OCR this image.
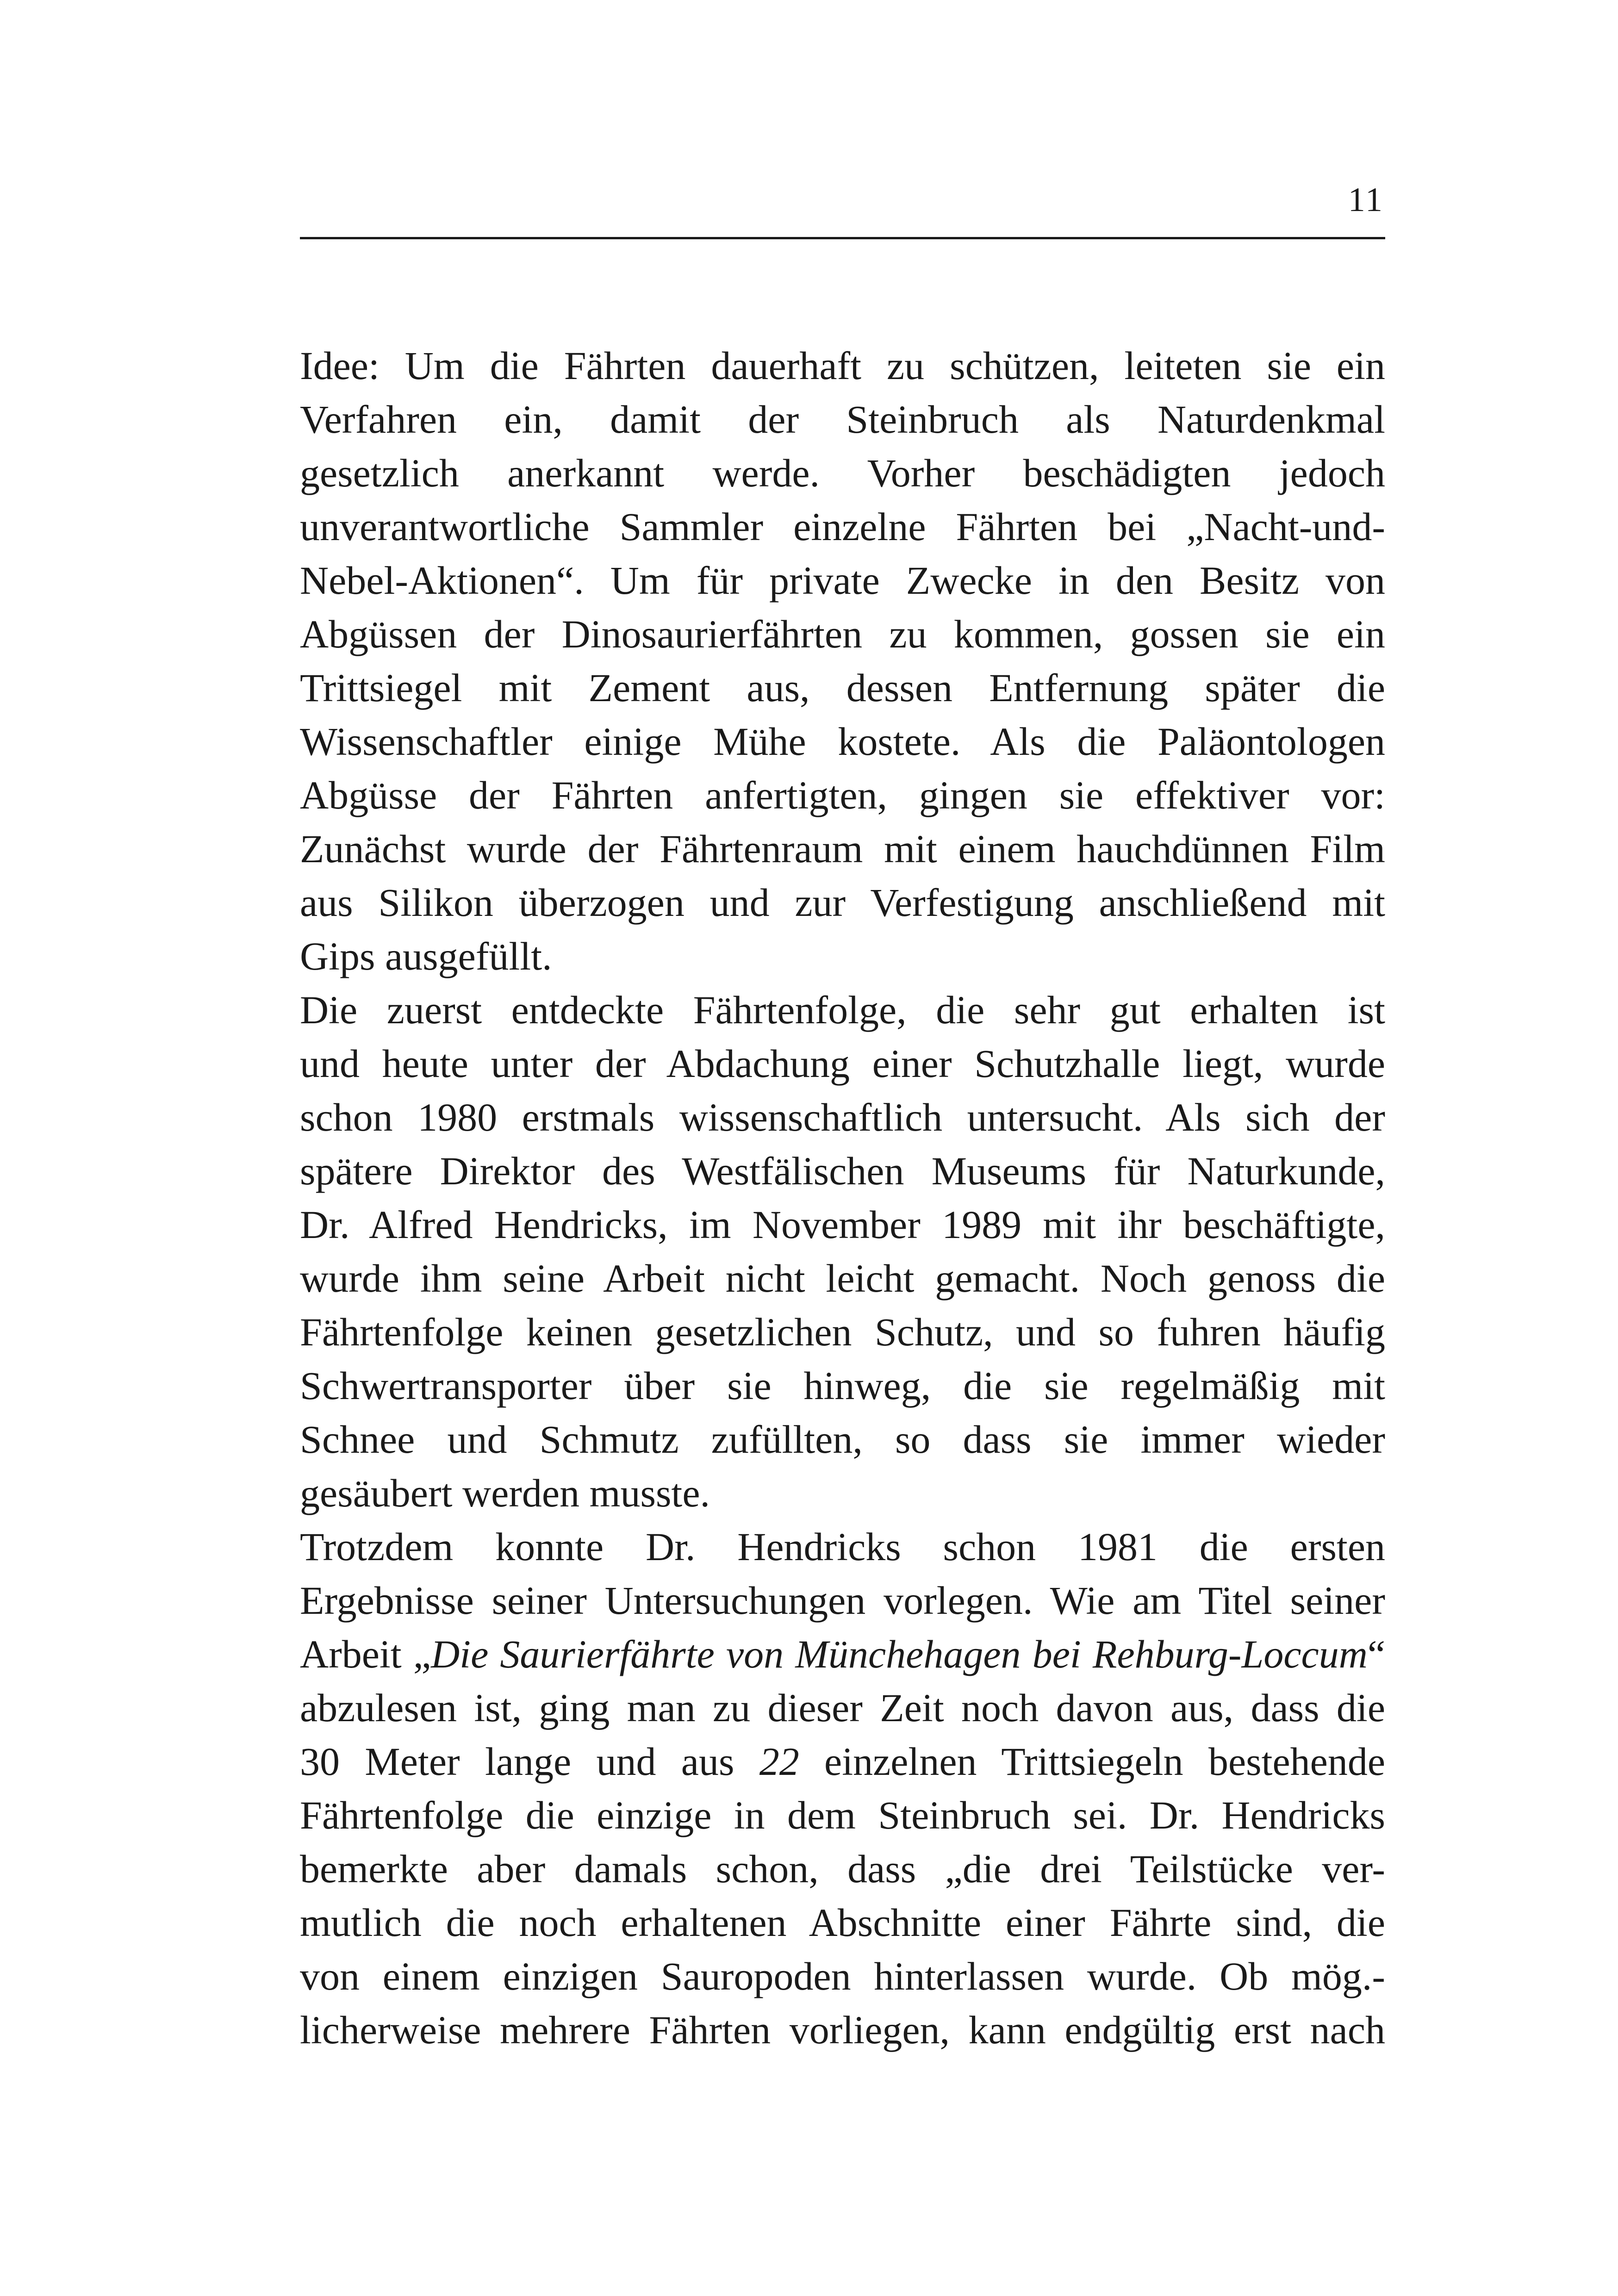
11
Idee: Um die Fährten dauerhaft zu schützen, leiteten sie ein
Verfahren ein, damit der Steinbruch als Naturdenkmal
gesetzlich anerkannt werde. Vorher beschädigten jedoch
unverantwortliche Sammler einzelne Fährten bei „Nacht-und-
Nebel-Aktionen“. Um für private Zwecke in den Besitz von
Abgüssen der Dinosaurierfährten zu kommen, gossen sie ein
Trittsiegel mit Zement aus, dessen Entfernung später die
Wissenschaftler einige Mühe kostete. Als die Paläontologen
Abgüsse der Fährten anfertigten, gingen sie effektiver vor:
Zunächst wurde der Fährtenraum mit einem hauchdünnen Film
aus Silikon überzogen und zur Verfestigung anschließend mit
Gips ausgefüllt.
Die zuerst entdeckte Fährtenfolge, die sehr gut erhalten ist
und heute unter der Abdachung einer Schutzhalle liegt, wurde
schon 1980 erstmals wissenschaftlich untersucht. Als sich der
spätere Direktor des Westfälischen Museums für Naturkunde,
Dr. Alfred Hendricks, im November 1989 mit ihr beschäftigte,
wurde ihm seine Arbeit nicht leicht gemacht. Noch genoss die
Fährtenfolge keinen gesetzlichen Schutz, und so fuhren häufig
Schwertransporter über sie hinweg, die sie regelmäßig mit
Schnee und Schmutz zufüllten, so dass sie immer wieder
gesäubert werden musste.
Trotzdem konnte Dr. Hendricks schon 1981 die ersten
Ergebnisse seiner Untersuchungen vorlegen. Wie am Titel seiner
Arbeit „Die Saurierfährte von Münchehagen bei Rehburg-Loccum“
abzulesen ist, ging man zu dieser Zeit noch davon aus, dass die
30 Meter lange und aus 22 einzelnen Trittsiegeln bestehende
Fährtenfolge die einzige in dem Steinbruch sei. Dr. Hendricks
bemerkte aber damals schon, dass „die drei Teilstücke ver-
mutlich die noch erhaltenen Abschnitte einer Fährte sind, die
von einem einzigen Sauropoden hinterlassen wurde. Ob mög.-
licherweise mehrere Fährten vorliegen, kann endgültig erst nach
